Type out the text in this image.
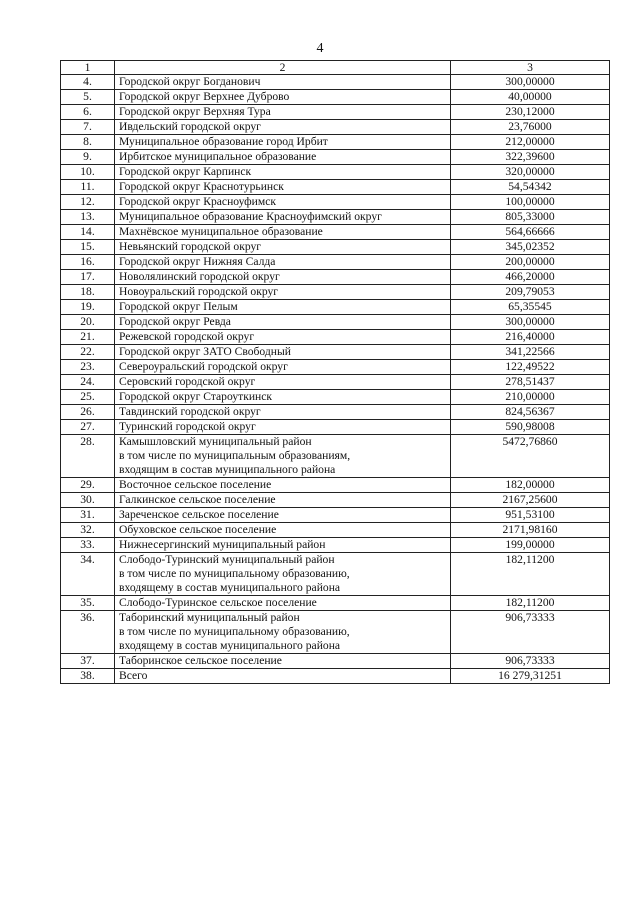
4
1	2	3
4.	Городской округ Богданович	300,00000
5.	Городской округ Верхнее Дуброво	40,00000
6.	Городской округ Верхняя Тура	230,12000
7.	Ивдельский городской округ	23,76000
8.	Муниципальное образование город Ирбит	212,00000
9.	Ирбитское муниципальное образование	322,39600
10.	Городской округ Карпинск	320,00000
11.	Городской округ Краснотурьинск	54,54342
12.	Городской округ Красноуфимск	100,00000
13.	Муниципальное образование Красноуфимский округ	805,33000
14.	Махнёвское муниципальное образование	564,66666
15.	Невьянский городской округ	345,02352
16.	Городской округ Нижняя Салда	200,00000
17.	Новолялинский городской округ	466,20000
18.	Новоуральский городской округ	209,79053
19.	Городской округ Пелым	65,35545
20.	Городской округ Ревда	300,00000
21.	Режевской городской округ	216,40000
22.	Городской округ ЗАТО Свободный	341,22566
23.	Североуральский городской округ	122,49522
24.	Серовский городской округ	278,51437
25.	Городской округ Староуткинск	210,00000
26.	Тавдинский городской округ	824,56367
27.	Туринский городской округ	590,98008
28.	Камышловский муниципальный район
в том числе по муниципальным образованиям,
входящим в состав муниципального района	5472,76860
29.	Восточное сельское поселение	182,00000
30.	Галкинское сельское поселение	2167,25600
31.	Зареченское сельское поселение	951,53100
32.	Обуховское сельское поселение	2171,98160
33.	Нижнесергинский муниципальный район	199,00000
34.	Слободо-Туринский муниципальный район
в том числе по муниципальному образованию,
входящему в состав муниципального района	182,11200
35.	Слободо-Туринское сельское поселение	182,11200
36.	Таборинский муниципальный район
в том числе по муниципальному образованию,
входящему в состав муниципального района	906,73333
37.	Таборинское сельское поселение	906,73333
38.	Всего	16 279,31251
